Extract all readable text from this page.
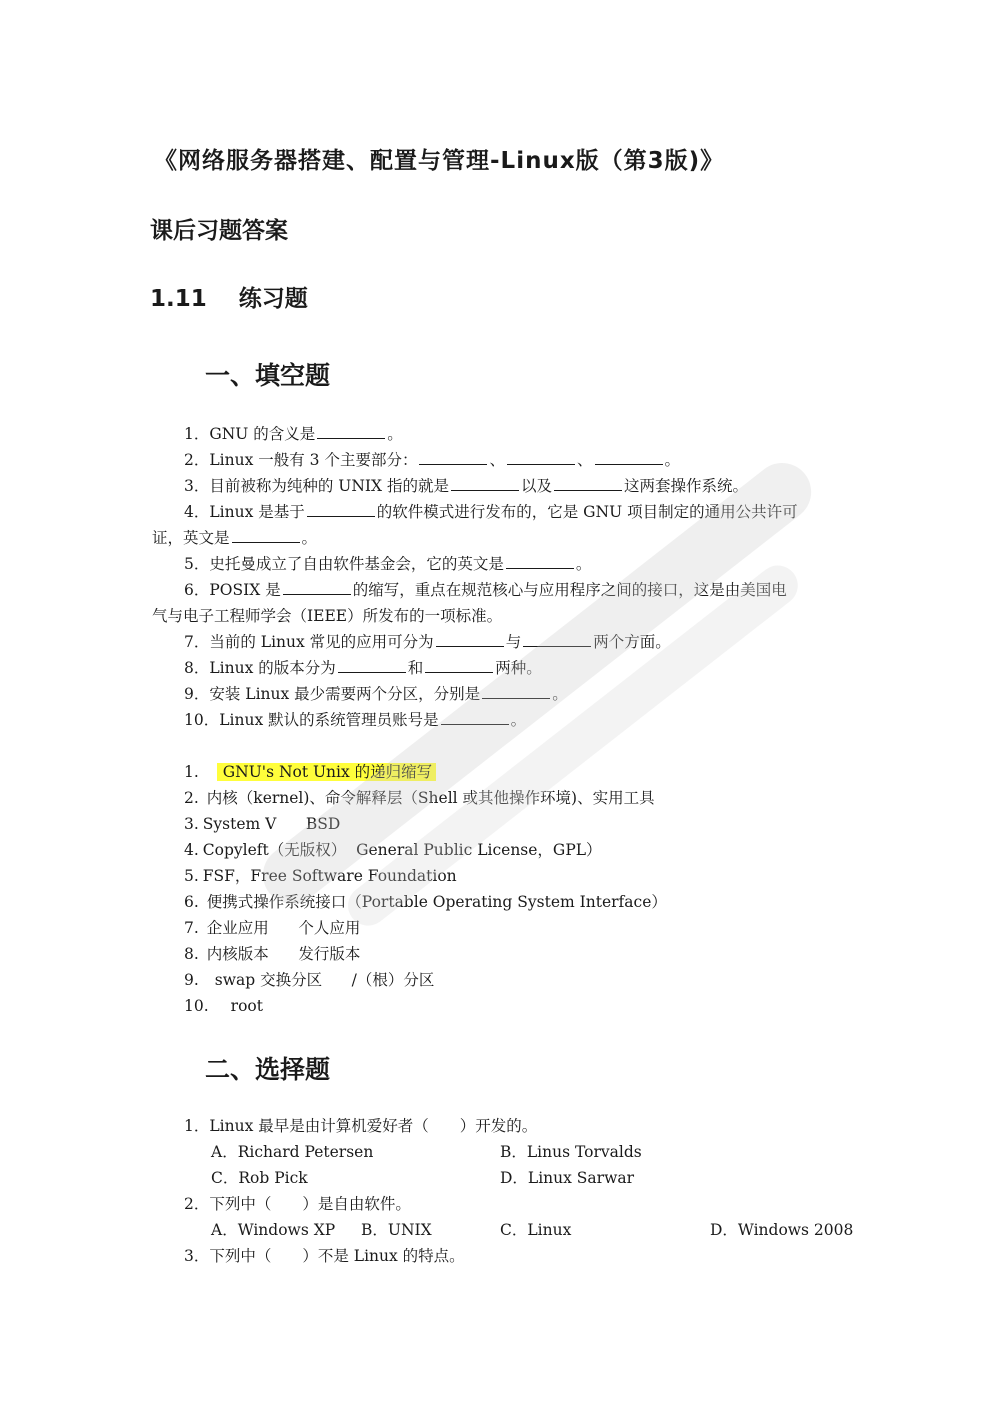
《网络服务器搭建、配置与管理-Linux版（第3版)》
课后习题答案
1.11 练习题
一、填空题
1．GNU 的含义是	。
2．Linux 一般有 3 个主要部分：	、	、	。
3．目前被称为纯种的 UNIX 指的就是	以及	这两套操作系统。
4．Linux 是基于	的软件模式进行发布的，它是 GNU 项目制定的通用公共许可
证，英文是	。
5．史托曼成立了自由软件基金会，它的英文是	。
6．POSIX 是	的缩写，重点在规范核心与应用程序之间的接口，这是由美国电
气与电子工程师学会（IEEE）所发布的一项标准。
7．当前的 Linux 常见的应用可分为	与	两个方面。
8．Linux 的版本分为	和	两种。
9．安装 Linux 最少需要两个分区，分别是	。
10．Linux 默认的系统管理员账号是	。
1. GNU's Not Unix 的递归缩写
2. 内核（kernel)、命令解释层（Shell 或其他操作环境)、实用工具
3. System V      BSD
4. Copyleft（无版权）  General Public License，GPL）
5. FSF，Free Software Foundation
6. 便携式操作系统接口（Portable Operating System Interface）
7. 企业应用      个人应用
8. 内核版本      发行版本
9. swap 交换分区      /（根）分区
10. root
二、选择题
1．Linux 最早是由计算机爱好者（　　）开发的。
A．Richard Petersen	B．Linus Torvalds
C．Rob Pick	D．Linux Sarwar
2．下列中（　　）是自由软件。
A．Windows XP B．UNIX	C．Linux	D．Windows 2008
3．下列中（　　）不是 Linux 的特点。
